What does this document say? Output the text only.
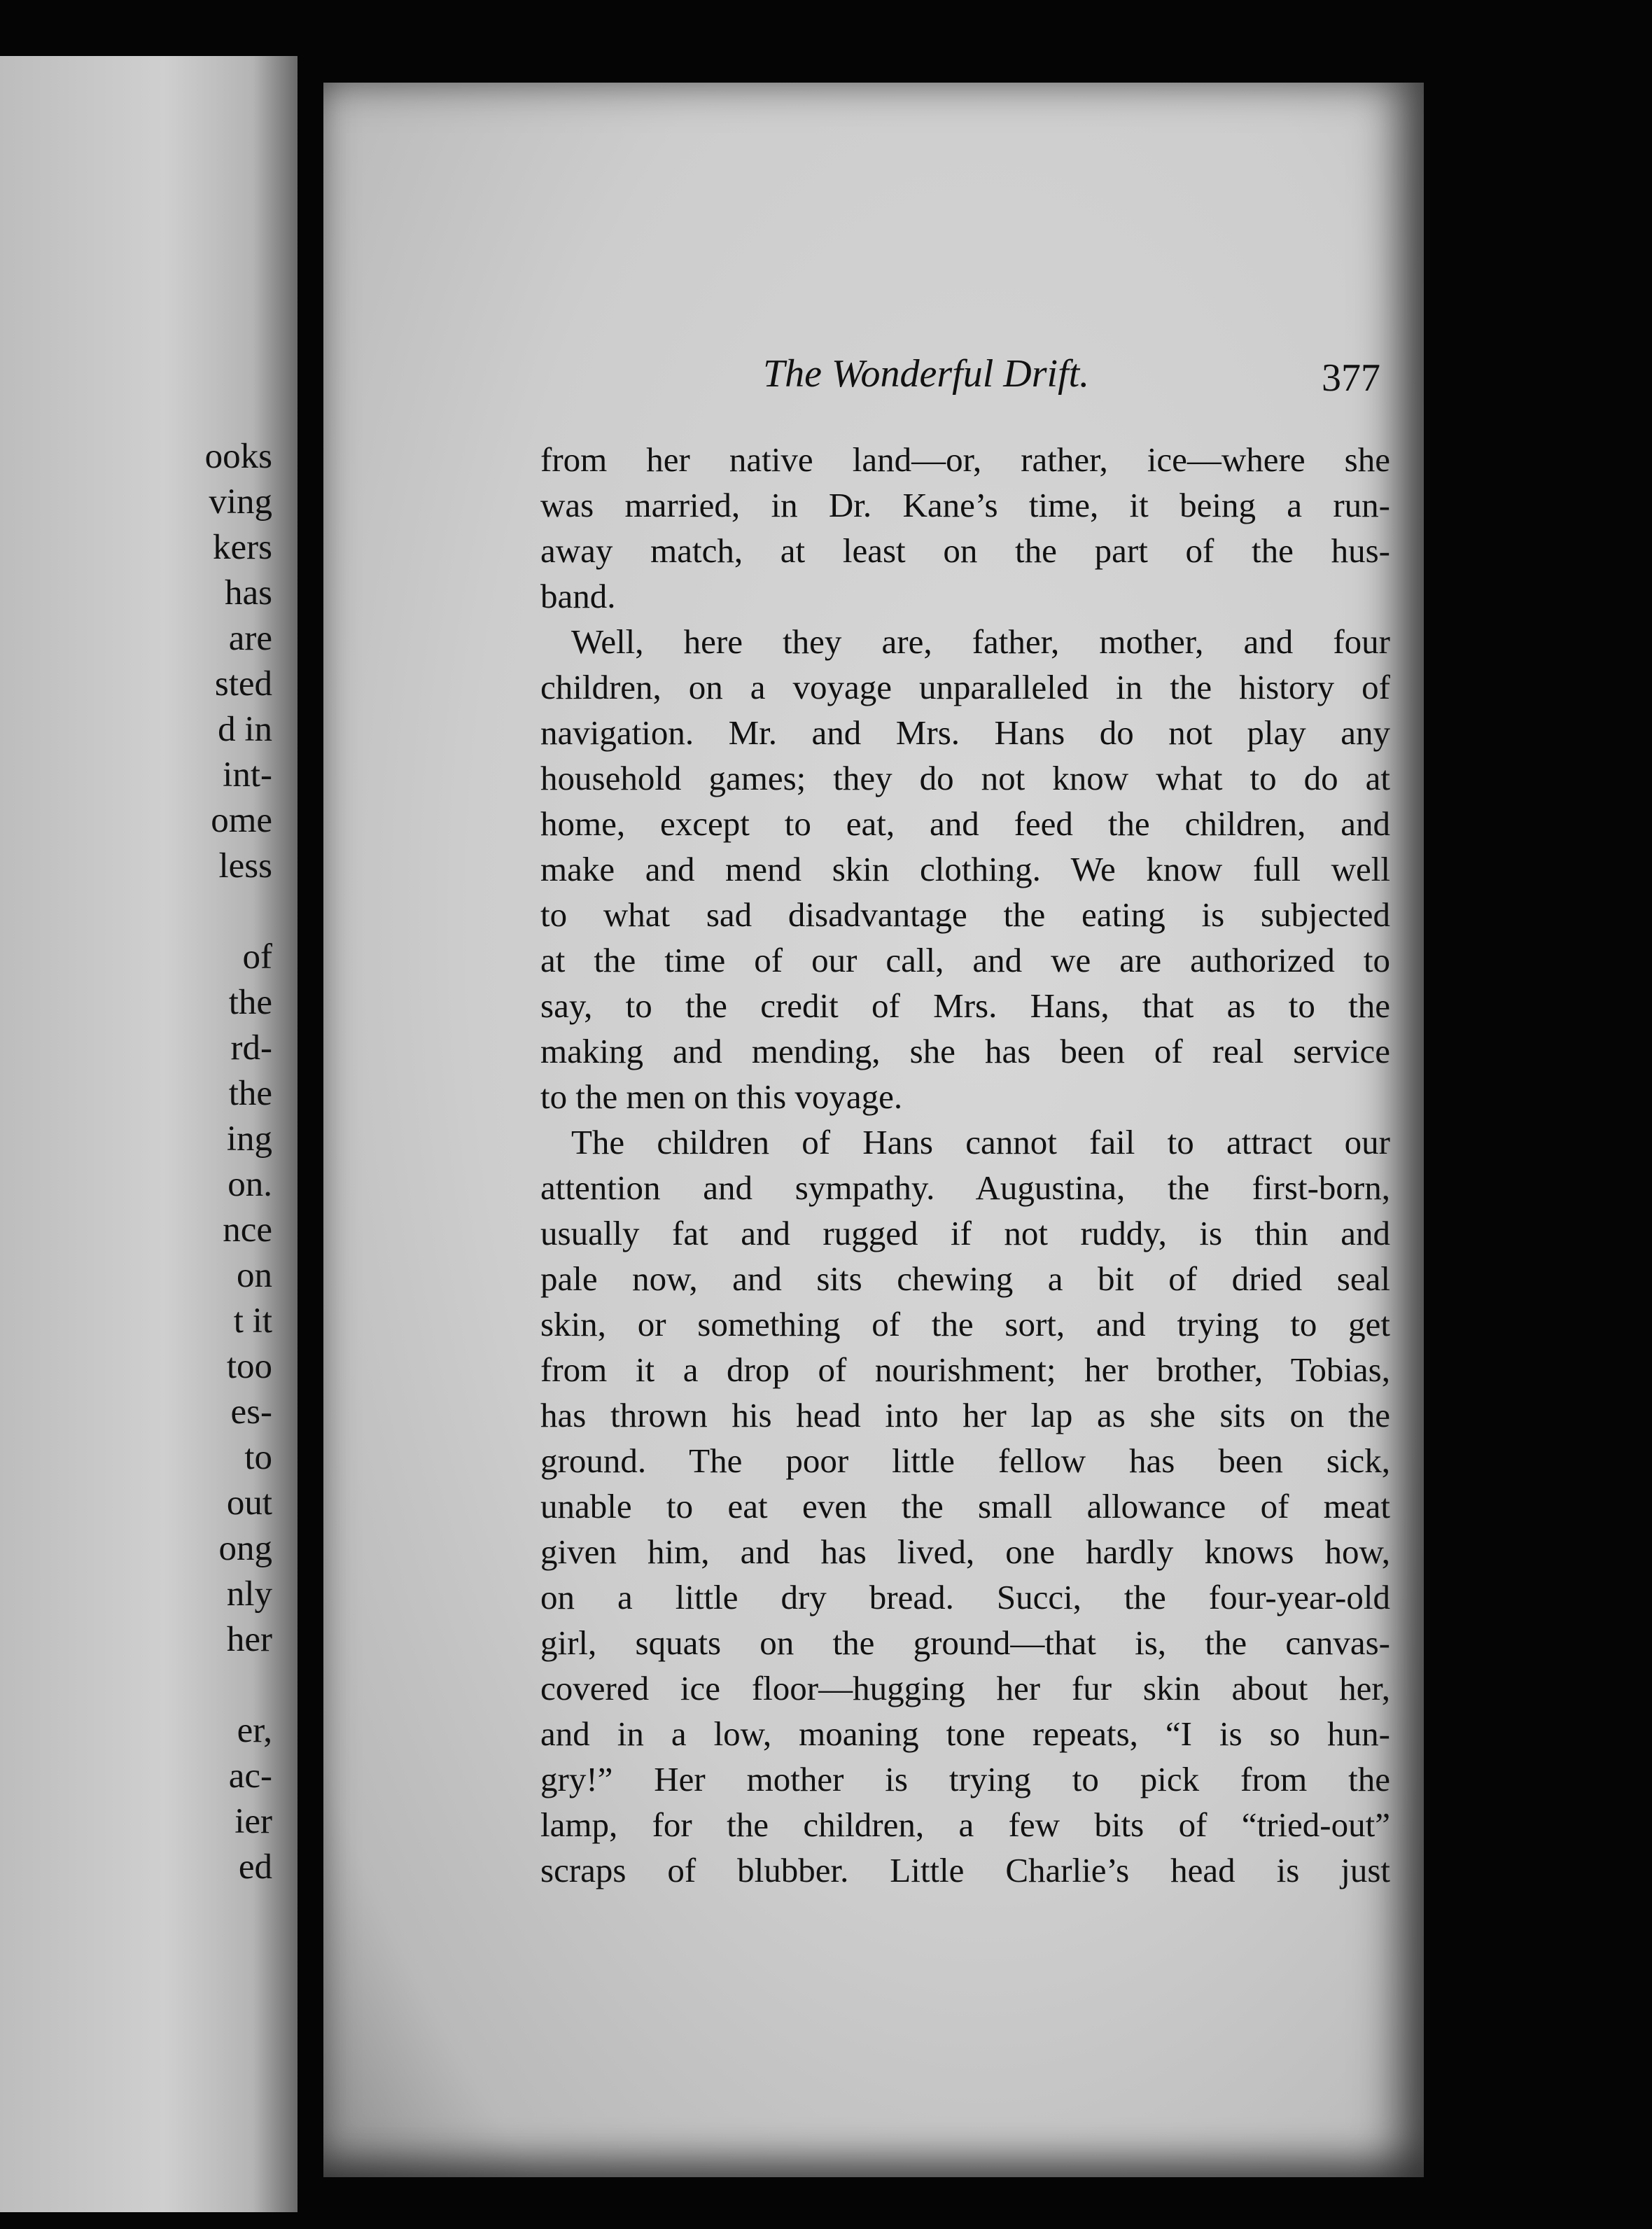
ooks
ving
kers
has
are
sted
d in
int-
ome
less
of
the
rd-
the
ing
on.
nce
on
t it
too
es-
to
out
ong
nly
her
er,
ac-
ier
ed
The Wonderful Drift.	377
from her native land—or, rather, ice—where she
was married, in Dr. Kane’s time, it being a run-
away match, at least on the part of the hus-
band.
Well, here they are, father, mother, and four
children, on a voyage unparalleled in the history of
navigation. Mr. and Mrs. Hans do not play any
household games; they do not know what to do at
home, except to eat, and feed the children, and
make and mend skin clothing. We know full well
to what sad disadvantage the eating is subjected
at the time of our call, and we are authorized to
say, to the credit of Mrs. Hans, that as to the
making and mending, she has been of real service
to the men on this voyage.
The children of Hans cannot fail to attract our
attention and sympathy. Augustina, the first-born,
usually fat and rugged if not ruddy, is thin and
pale now, and sits chewing a bit of dried seal
skin, or something of the sort, and trying to get
from it a drop of nourishment; her brother, Tobias,
has thrown his head into her lap as she sits on the
ground. The poor little fellow has been sick,
unable to eat even the small allowance of meat
given him, and has lived, one hardly knows how,
on a little dry bread. Succi, the four-year-old
girl, squats on the ground—that is, the canvas-
covered ice floor—hugging her fur skin about her,
and in a low, moaning tone repeats, “I is so hun-
gry!” Her mother is trying to pick from the
lamp, for the children, a few bits of “tried-out”
scraps of blubber. Little Charlie’s head is just
